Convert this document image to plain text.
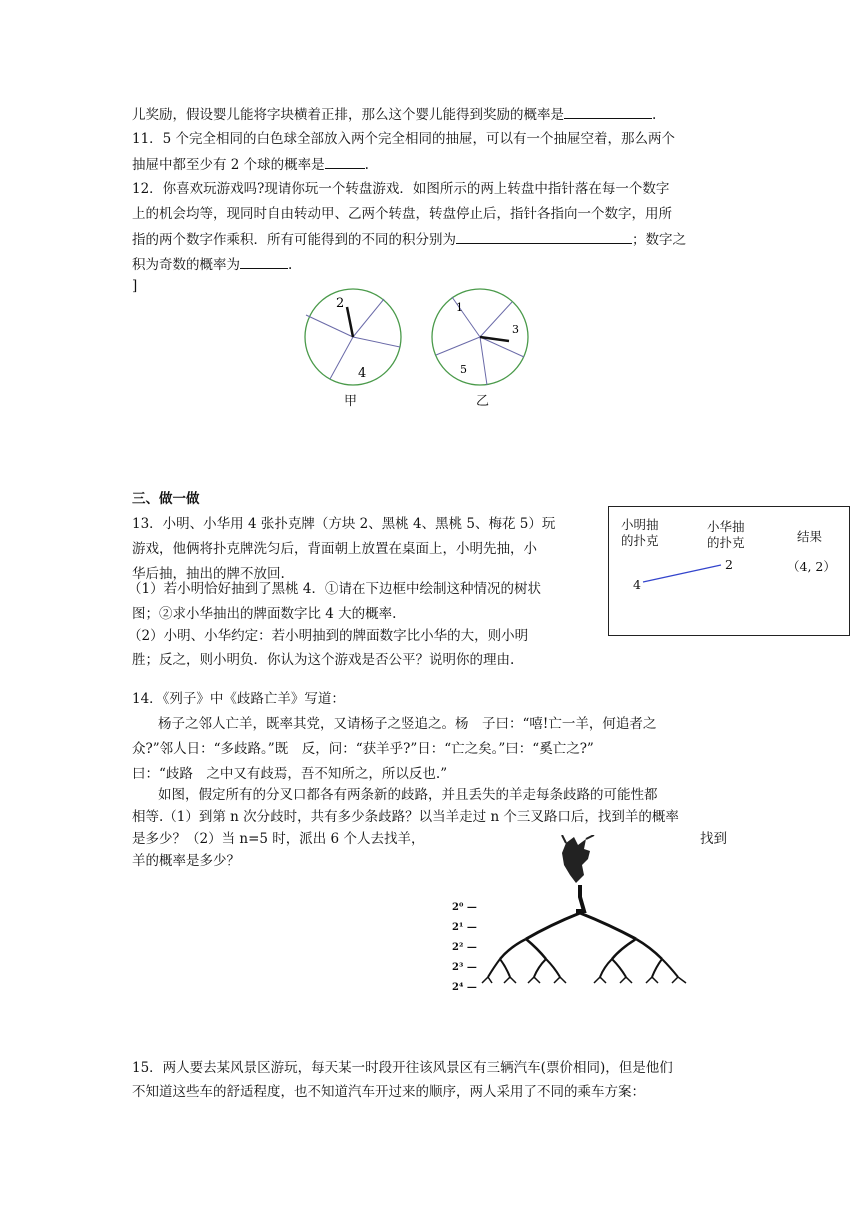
儿奖励，假设婴儿能将字块横着正排，那么这个婴儿能得到奖励的概率是	.
11．5 个完全相同的白色球全部放入两个完全相同的抽屉，可以有一个抽屉空着，那么两个
抽屉中都至少有 2 个球的概率是	.
12．你喜欢玩游戏吗?现请你玩一个转盘游戏．如图所示的两上转盘中指针落在每一个数字
上的机会均等，现同时自由转动甲、乙两个转盘，转盘停止后，指针各指向一个数字，用所
指的两个数字作乘积．所有可能得到的不同的积分别为	；数字之
积为奇数的概率为	.
]
2
4
1
3
5
甲	乙
三、做一做
13．小明、小华用 4 张扑克牌（方块 2、黑桃 4、黑桃 5、梅花 5）玩
游戏，他俩将扑克牌洗匀后，背面朝上放置在桌面上，小明先抽，小
华后抽，抽出的牌不放回.
（1）若小明恰好抽到了黑桃 4．①请在下边框中绘制这种情况的树状
图；②求小华抽出的牌面数字比 4 大的概率.
（2）小明、小华约定：若小明抽到的牌面数字比小华的大，则小明
胜；反之，则小明负．你认为这个游戏是否公平？说明你的理由.
小明抽
的扑克
小华抽
的扑克	结果
4
2	（4, 2）
14．《列子》中《歧路亡羊》写道：
杨子之邻人亡羊，既率其党，又请杨子之竖追之。杨　子曰：“嘻!亡一羊，何追者之
众?”邻人日：“多歧路。”既　反，问：“获羊乎?”日：“亡之矣。”曰：“奚亡之?”
曰：“歧路　之中又有歧焉，吾不知所之，所以反也.”
如图，假定所有的分叉口都各有两条新的歧路，并且丢失的羊走每条歧路的可能性都
相等.（1）到第 n 次分歧时，共有多少条歧路？以当羊走过 n 个三叉路口后，找到羊的概率
是多少？（2）当 n=5 时，派出 6 个人去找羊，	找到
羊的概率是多少？
2⁰ —
2¹ —
2² —
2³ —
2⁴ —
15．两人要去某风景区游玩，每天某一时段开往该风景区有三辆汽车(票价相同)，但是他们
不知道这些车的舒适程度，也不知道汽车开过来的顺序，两人采用了不同的乘车方案：
